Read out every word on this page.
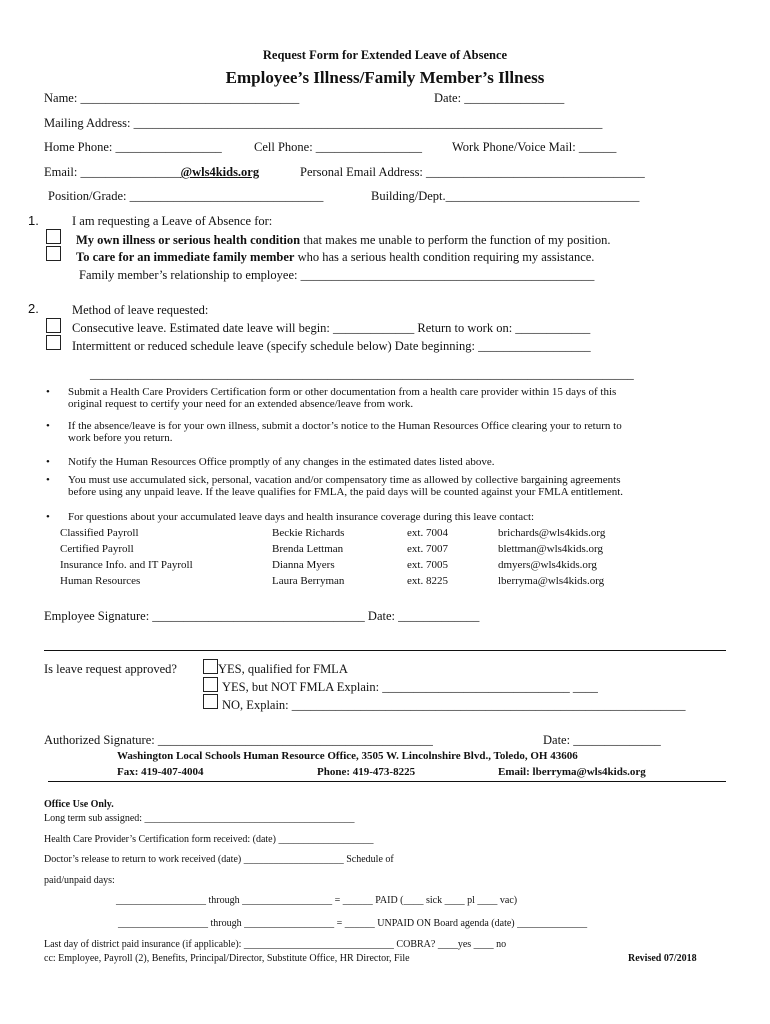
Request Form for Extended Leave of Absence
Employee’s Illness/Family Member’s Illness
Name: ___________________________________	Date: ________________
Mailing Address: ___________________________________________________________________________
Home Phone: _________________	Cell Phone: _________________ Work Phone/Voice Mail: ______
Email: ________________@wls4kids.org	Personal Email Address: ___________________________________
Position/Grade: _______________________________	Building/Dept._______________________________
1.	I am requesting a Leave of Absence for:
My own illness or serious health condition that makes me unable to perform the function of my position.
To care for an immediate family member who has a serious health condition requiring my assistance.
Family member’s relationship to employee: _______________________________________________
2.	Method of leave requested:
Consecutive leave. Estimated date leave will begin: _____________ Return to work on: ____________
Intermittent or reduced schedule leave (specify schedule below) Date beginning: __________________
_______________________________________________________________________________________
• Submit a Health Care Providers Certification form or other documentation from a health care provider within 15 days of this
original request to certify your need for an extended absence/leave from work.
• If the absence/leave is for your own illness, submit a doctor’s notice to the Human Resources Office clearing your to return to
work before you return.
• Notify the Human Resources Office promptly of any changes in the estimated dates listed above.
• You must use accumulated sick, personal, vacation and/or compensatory time as allowed by collective bargaining agreements
before using any unpaid leave. If the leave qualifies for FMLA, the paid days will be counted against your FMLA entitlement.
• For questions about your accumulated leave days and health insurance coverage during this leave contact:
Classified Payroll	Beckie Richards	ext. 7004	brichards@wls4kids.org
Certified Payroll	Brenda Lettman	ext. 7007	blettman@wls4kids.org
Insurance Info. and IT Payroll	Dianna Myers	ext. 7005	dmyers@wls4kids.org
Human Resources	Laura Berryman	ext. 8225	lberryma@wls4kids.org
Employee Signature: __________________________________ Date: _____________
Is leave request approved?	YES, qualified for FMLA
YES, but NOT FMLA Explain: ______________________________ ____
NO, Explain: _______________________________________________________________
Authorized Signature: ____________________________________________	Date: ______________
Washington Local Schools Human Resource Office, 3505 W. Lincolnshire Blvd., Toledo, OH 43606
Fax: 419-407-4004	Phone: 419-473-8225	Email: lberryma@wls4kids.org
Office Use Only.
Long term sub assigned: __________________________________________
Health Care Provider’s Certification form received: (date) ___________________
Doctor’s release to return to work received (date) ____________________ Schedule of
paid/unpaid days:
__________________ through __________________ = ______ PAID (____ sick ____ pl ____ vac)
__________________ through __________________ = ______ UNPAID ON Board agenda (date) ______________
Last day of district paid insurance (if applicable): ______________________________ COBRA? ____yes ____ no
cc: Employee, Payroll (2), Benefits, Principal/Director, Substitute Office, HR Director, File	Revised 07/2018
